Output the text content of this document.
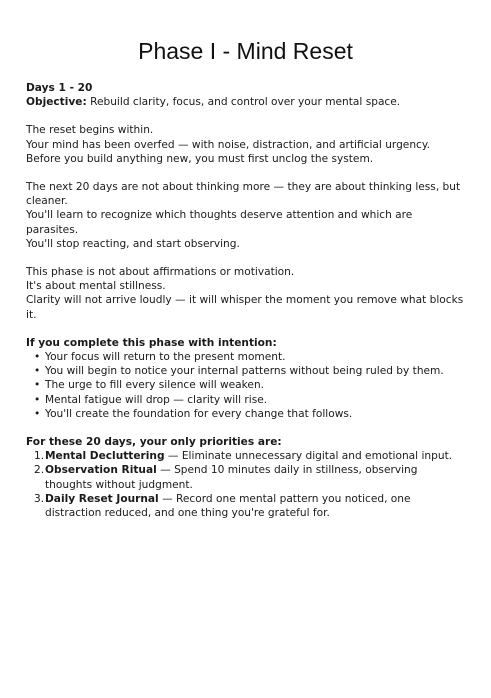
Phase I - Mind Reset

Days 1 - 20

Objective: Rebuild clarity, focus, and control over your mental space.

The reset begins within.

Your mind has been overfed — with noise, distraction, and artificial urgency.

Before you build anything new, you must first unclog the system.

The next 20 days are not about thinking more — they are about thinking less, but cleaner.

You'll learn to recognize which thoughts deserve attention and which are parasites.

You'll stop reacting, and start observing.

This phase is not about affirmations or motivation.

It's about mental stillness.

Clarity will not arrive loudly — it will whisper the moment you remove what blocks it.

If you complete this phase with intention:

• Your focus will return to the present moment.
• You will begin to notice your internal patterns without being ruled by them.
• The urge to fill every silence will weaken.
• Mental fatigue will drop — clarity will rise.
• You'll create the foundation for every change that follows.

For these 20 days, your only priorities are:

1. Mental Decluttering — Eliminate unnecessary digital and emotional input.
2. Observation Ritual — Spend 10 minutes daily in stillness, observing thoughts without judgment.
3. Daily Reset Journal — Record one mental pattern you noticed, one distraction reduced, and one thing you're grateful for.
